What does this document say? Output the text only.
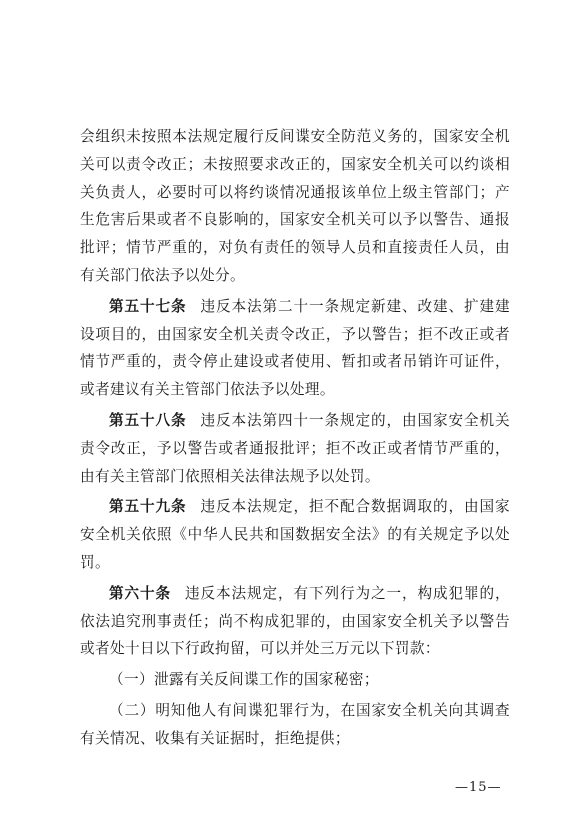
会组织未按照本法规定履行反间谍安全防范义务的，国家安全机关可以责令改正；未按照要求改正的，国家安全机关可以约谈相关负责人，必要时可以将约谈情况通报该单位上级主管部门；产生危害后果或者不良影响的，国家安全机关可以予以警告、通报批评；情节严重的，对负有责任的领导人员和直接责任人员，由有关部门依法予以处分。

第五十七条 违反本法第二十一条规定新建、改建、扩建建设项目的，由国家安全机关责令改正，予以警告；拒不改正或者情节严重的，责令停止建设或者使用、暂扣或者吊销许可证件，或者建议有关主管部门依法予以处理。

第五十八条 违反本法第四十一条规定的，由国家安全机关责令改正，予以警告或者通报批评；拒不改正或者情节严重的，由有关主管部门依照相关法律法规予以处罚。

第五十九条 违反本法规定，拒不配合数据调取的，由国家安全机关依照《中华人民共和国数据安全法》的有关规定予以处罚。

第六十条 违反本法规定，有下列行为之一，构成犯罪的，依法追究刑事责任；尚不构成犯罪的，由国家安全机关予以警告或者处十日以下行政拘留，可以并处三万元以下罚款：

（一）泄露有关反间谍工作的国家秘密；

（二）明知他人有间谍犯罪行为，在国家安全机关向其调查有关情况、收集有关证据时，拒绝提供；

—15—
